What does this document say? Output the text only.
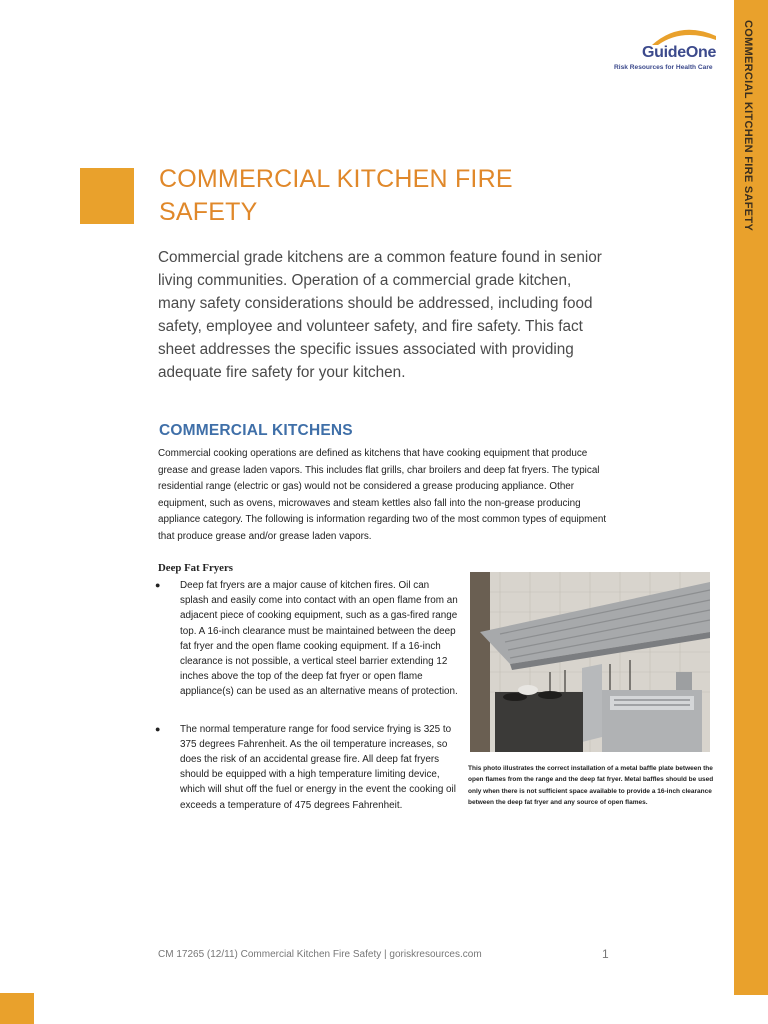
COMMERCIAL KITCHEN FIRE SAFETY
GuideOne
Risk Resources for Health Care
COMMERCIAL KITCHEN FIRE SAFETY

Commercial grade kitchens are a common feature found in senior living communities. Operation of a commercial grade kitchen, many safety considerations should be addressed, including food safety, employee and volunteer safety, and fire safety. This fact sheet addresses the specific issues associated with providing adequate fire safety for your kitchen.

COMMERCIAL KITCHENS

Commercial cooking operations are defined as kitchens that have cooking equipment that produce grease and grease laden vapors. This includes flat grills, char broilers and deep fat fryers. The typical residential range (electric or gas) would not be considered a grease producing appliance. Other equipment, such as ovens, microwaves and steam kettles also fall into the non-grease producing appliance category. The following is information regarding two of the most common types of equipment that produce grease and/or grease laden vapors.

Deep Fat Fryers
● Deep fat fryers are a major cause of kitchen fires. Oil can splash and easily come into contact with an open flame from an adjacent piece of cooking equipment, such as a gas-fired range top. A 16-inch clearance must be maintained between the deep fat fryer and the open flame cooking equipment. If a 16-inch clearance is not possible, a vertical steel barrier extending 12 inches above the top of the deep fat fryer or open flame appliance(s) can be used as an alternative means of protection.
● The normal temperature range for food service frying is 325 to 375 degrees Fahrenheit. As the oil temperature increases, so does the risk of an accidental grease fire. All deep fat fryers should be equipped with a high temperature limiting device, which will shut off the fuel or energy in the event the cooking oil exceeds a temperature of 475 degrees Fahrenheit.

This photo illustrates the correct installation of a metal baffle plate between the open flames from the range and the deep fat fryer. Metal baffles should be used only when there is not sufficient space available to provide a 16-inch clearance between the deep fat fryer and any source of open flames.

CM 17265 (12/11) Commercial Kitchen Fire Safety | goriskresources.com	1
